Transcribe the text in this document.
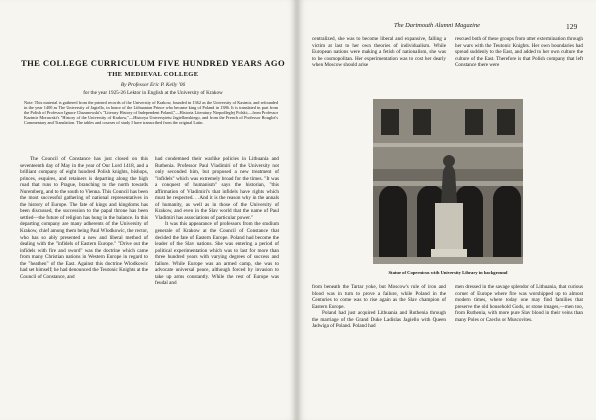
THE COLLEGE CURRICULUM FIVE HUNDRED YEARS AGO
THE MEDIEVAL COLLEGE
By Professor Eric P. Kelly '06
for the year 1925-26 Lektor in English at the University of Krakow
Note: This material is gathered from the printed records of the University of Krakow, founded in 1362 as the University of Kasimir, and refounded in the year 1400 as The University of Jagiello, in honor of the Lithuanian Prince who became king of Poland in 1386. It is translated in part from the Polish of Professor Ignace Chrzanowski's "Literary History of Independent Poland,"—Historia Literatury Niepodleglej Polski;—from Professor Kazimir Morawski's "History of the University of Krakow,"—Historya Universytetu Jagiellonskiego, and from the French of Professor Rouglot's Commentary and Translation. The tables and courses of study I have transcribed from the original Latin.

The Council of Constance has just closed on this seventeenth day of May in the year of Our Lord 1418, and a brilliant company of eight hundred Polish knights, bishops, princes, esquires, and retainers is departing along the high road that runs to Prague, branching to the north towards Nuremberg, and to the south to Vienna. This Council has been the most successful gathering of national representatives in the history of Europe. The fate of kings and kingdoms has been discussed, the succession to the papal throne has been settled—the future of religion has hung in the balance. In this departing company are many adherents of the University of Krakow, chief among them being Paul Wlodkowic, the rector, who has so ably presented a new and liberal method of dealing with the "infidels of Eastern Europe." "Drive out the infidels with fire and sword" was the doctrine which came from many Christian nations in Western Europe in regard to the "heathen" of the East. Against this doctrine Wlodkowic had set himself; he had denounced the Teutonic Knights at the Council of Constance, and

had condemned their warlike policies in Lithuania and Ruthenia. Professor Paul Vladimiri of the University not only seconded him, but proposed a new treatment of "infidels" which was extremely broad for the times. "It was a conquest of humanism" says the historian, "this affirmation of Vladimiri's that infidels have rights which must be respected. . .And it is the reason why in the annals of humanity, as well as in those of the University of Krakow, and even in the Slav world that the name of Paul Vladimiri has associations of particular power."

It was this appearance of professors from the studium generale of Krakow at the Council of Constance that decided the fate of Eastern Europe. Poland had become the leader of the Slav nations. She was entering a period of political experimentation which was to last for more than three hundred years with varying degrees of success and failure. While Europe was an armed camp, she was to advocate universal peace, although forced by invasion to take up arms constantly. While the rest of Europe was feudal and

The Dartmouth Alumni Magazine	129

centralized, she was to become liberal and expansive, falling a victim at last to her own theories of individualism. While European nations were making a fetish of nationalism, she was to be cosmopolitan. Her experimentation was to cost her dearly when Moscow should arise

rescued both of these groups from utter extermination through her wars with the Teutonic Knights. Her own boundaries had spread suddenly to the East, and added to her own culture the culture of the East. Therefore is that Polish company that left Constance there were

Statue of Copernicus with University Library in background

from beneath the Tartar yoke, but Moscow's rule of iron and blood was in turn to prove a failure, while Poland in the Centuries to come was to rise again as the Slav champion of Eastern Europe.

Poland had just acquired Lithuania and Ruthenia through the marriage of the Grand Duke Ladislas Jagiello with Queen Jadwiga of Poland. Poland had

men dressed in the savage splendor of Lithuania, that curious corner of Europe where fire was worshipped up to almost modern times, where today one may find families that preserve the old household Gods, or stone images,—men too, from Ruthenia, with more pure Slav blood in their veins than many Poles or Czechs or Muscovites.
